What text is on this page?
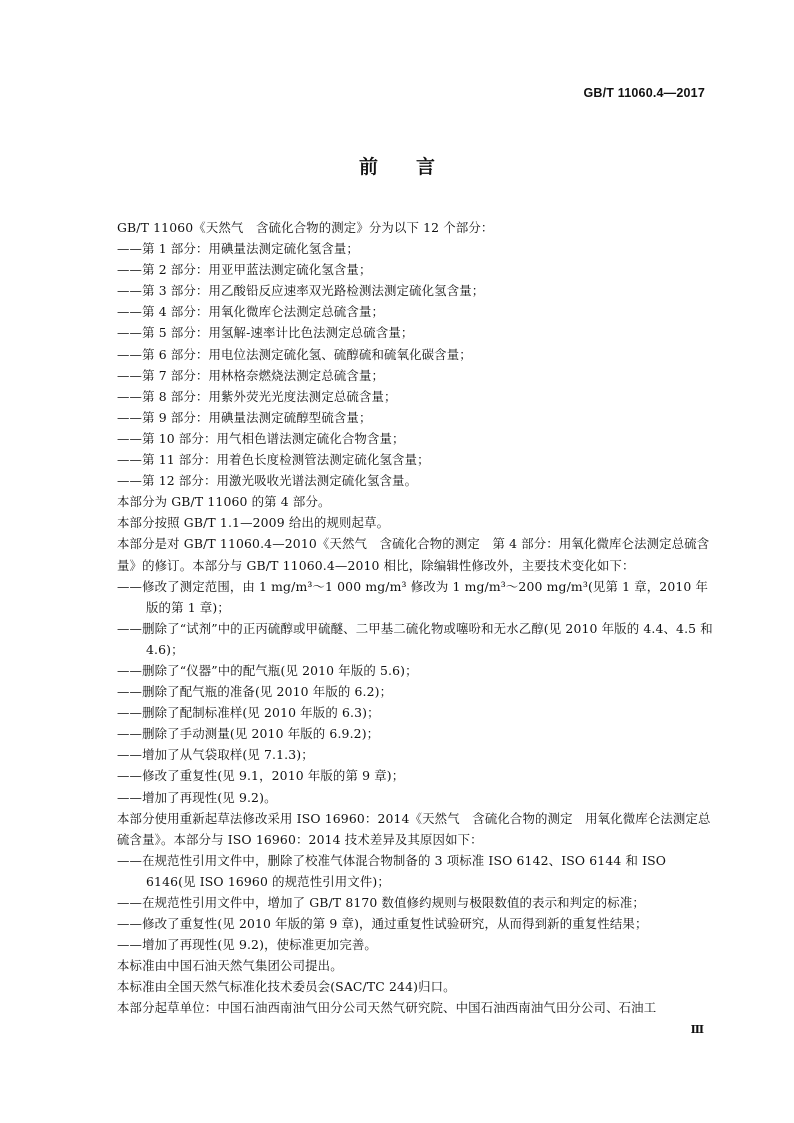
GB/T 11060.4—2017
前言

GB/T 11060《天然气　含硫化合物的测定》分为以下 12 个部分：

——第 1 部分：用碘量法测定硫化氢含量；

——第 2 部分：用亚甲蓝法测定硫化氢含量；

——第 3 部分：用乙酸铅反应速率双光路检测法测定硫化氢含量；

——第 4 部分：用氧化微库仑法测定总硫含量；

——第 5 部分：用氢解-速率计比色法测定总硫含量；

——第 6 部分：用电位法测定硫化氢、硫醇硫和硫氧化碳含量；

——第 7 部分：用林格奈燃烧法测定总硫含量；

——第 8 部分：用紫外荧光光度法测定总硫含量；

——第 9 部分：用碘量法测定硫醇型硫含量；

——第 10 部分：用气相色谱法测定硫化合物含量；

——第 11 部分：用着色长度检测管法测定硫化氢含量；

——第 12 部分：用激光吸收光谱法测定硫化氢含量。

本部分为 GB/T 11060 的第 4 部分。

本部分按照 GB/T 1.1—2009 给出的规则起草。

本部分是对 GB/T 11060.4—2010《天然气　含硫化合物的测定　第 4 部分：用氧化微库仑法测定总硫含量》的修订。本部分与 GB/T 11060.4—2010 相比，除编辑性修改外，主要技术变化如下：

——修改了测定范围，由 1 mg/m³～1 000 mg/m³ 修改为 1 mg/m³～200 mg/m³(见第 1 章，2010 年版的第 1 章)；

——删除了“试剂”中的正丙硫醇或甲硫醚、二甲基二硫化物或噻吩和无水乙醇(见 2010 年版的 4.4、4.5 和 4.6)；

——删除了“仪器”中的配气瓶(见 2010 年版的 5.6)；

——删除了配气瓶的准备(见 2010 年版的 6.2)；

——删除了配制标准样(见 2010 年版的 6.3)；

——删除了手动测量(见 2010 年版的 6.9.2)；

——增加了从气袋取样(见 7.1.3)；

——修改了重复性(见 9.1，2010 年版的第 9 章)；

——增加了再现性(见 9.2)。

本部分使用重新起草法修改采用 ISO 16960：2014《天然气　含硫化合物的测定　用氧化微库仑法测定总硫含量》。本部分与 ISO 16960：2014 技术差异及其原因如下：

——在规范性引用文件中，删除了校准气体混合物制备的 3 项标准 ISO 6142、ISO 6144 和 ISO 6146(见 ISO 16960 的规范性引用文件)；

——在规范性引用文件中，增加了 GB/T 8170 数值修约规则与极限数值的表示和判定的标准；

——修改了重复性(见 2010 年版的第 9 章)，通过重复性试验研究，从而得到新的重复性结果；

——增加了再现性(见 9.2)，使标准更加完善。

本标准由中国石油天然气集团公司提出。

本标准由全国天然气标准化技术委员会(SAC/TC 244)归口。

本部分起草单位：中国石油西南油气田分公司天然气研究院、中国石油西南油气田分公司、石油工

Ⅲ
